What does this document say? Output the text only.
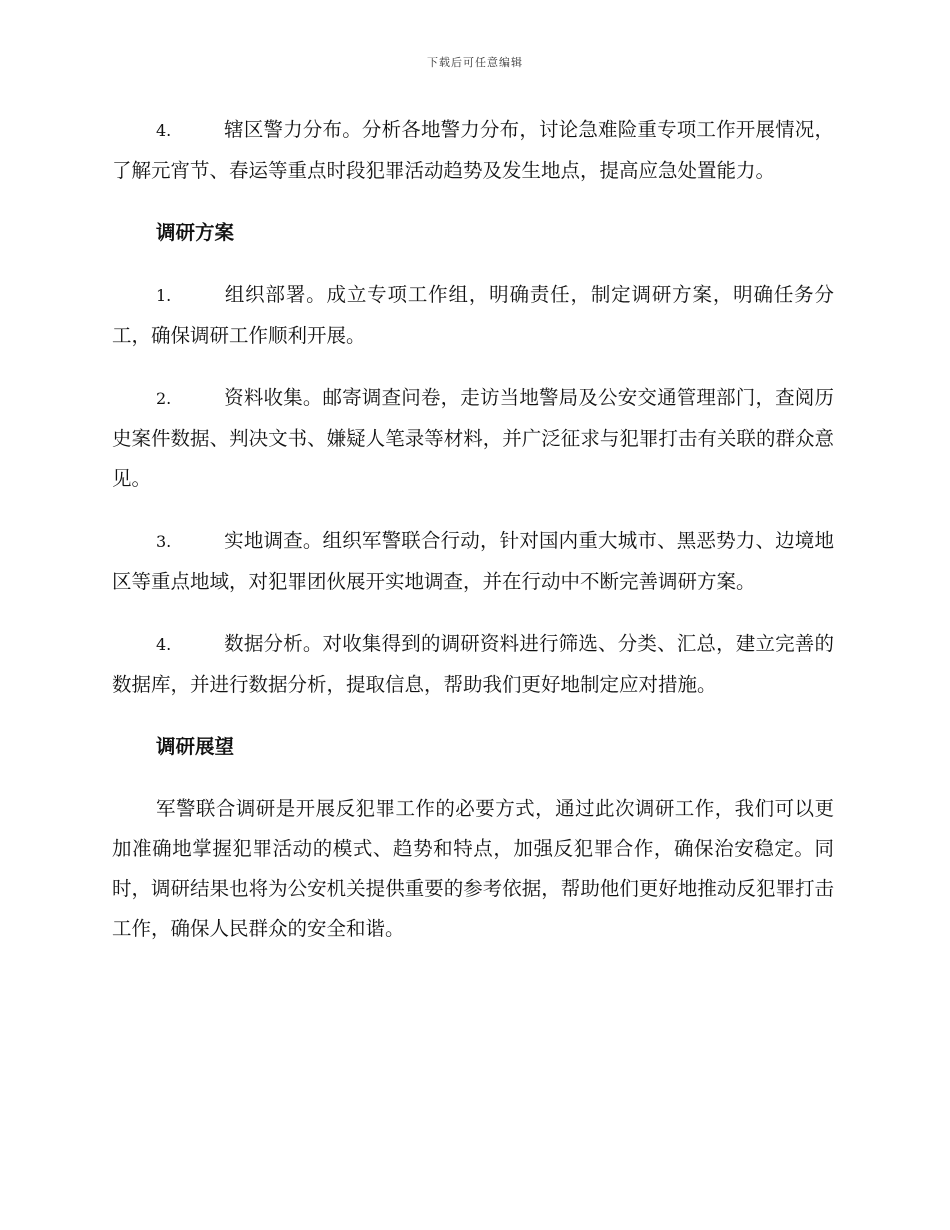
下载后可任意编辑

4.	辖区警力分布。分析各地警力分布，讨论急难险重专项工作开展情况，了解元宵节、春运等重点时段犯罪活动趋势及发生地点，提高应急处置能力。

调研方案

1.	组织部署。成立专项工作组，明确责任，制定调研方案，明确任务分工，确保调研工作顺利开展。

2.	资料收集。邮寄调查问卷，走访当地警局及公安交通管理部门，查阅历史案件数据、判决文书、嫌疑人笔录等材料，并广泛征求与犯罪打击有关联的群众意见。

3.	实地调查。组织军警联合行动，针对国内重大城市、黑恶势力、边境地区等重点地域，对犯罪团伙展开实地调查，并在行动中不断完善调研方案。

4.	数据分析。对收集得到的调研资料进行筛选、分类、汇总，建立完善的数据库，并进行数据分析，提取信息，帮助我们更好地制定应对措施。

调研展望

军警联合调研是开展反犯罪工作的必要方式，通过此次调研工作，我们可以更加准确地掌握犯罪活动的模式、趋势和特点，加强反犯罪合作，确保治安稳定。同时，调研结果也将为公安机关提供重要的参考依据，帮助他们更好地推动反犯罪打击工作，确保人民群众的安全和谐。
